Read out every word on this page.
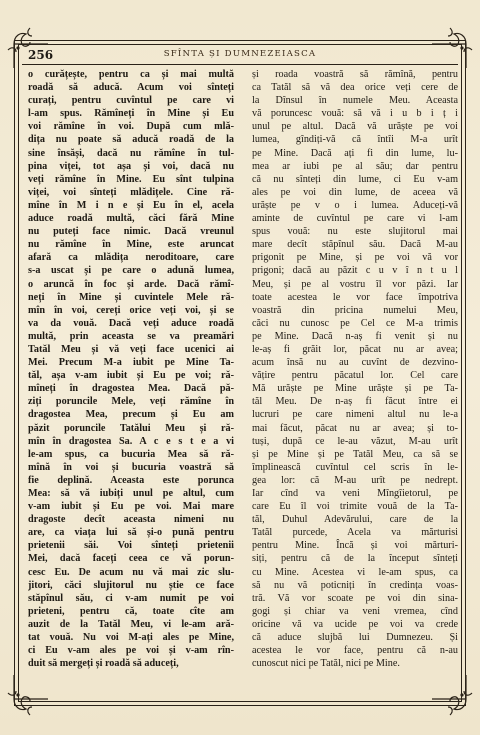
256	SFÎNTA ȘI DUMNEZEIASCA
o curățește, pentru ca și mai multă
roadă să aducă. Acum voi sînteți
curați, pentru cuvîntul pe care vi
l-am spus. Rămîneți în Mine și Eu
voi rămîne în voi. După cum mlă-
dița nu poate să aducă roadă de la
sine însăși, dacă nu rămîne în tul-
pina viței, tot așa și voi, dacă nu
veți rămîne în Mine. Eu sînt tulpina
viței, voi sînteți mlădițele. Cine ră-
mîne în M i n e și Eu în el, acela
aduce roadă multă, căci fără Mine
nu puteți face nimic. Dacă vreunul
nu rămîne în Mine, este aruncat
afară ca mlădița neroditoare, care
s-a uscat și pe care o adună lumea,
o aruncă în foc și arde. Dacă rămî-
neți în Mine și cuvintele Mele ră-
mîn în voi, cereți orice veți voi, și se
va da vouă. Dacă veți aduce roadă
multă, prin aceasta se va preamări
Tatăl Meu și vă veți face ucenici ai
Mei. Precum M-a iubit pe Mine Ta-
tăl, așa v-am iubit și Eu pe voi; ră-
mîneți în dragostea Mea. Dacă pă-
ziți poruncile Mele, veți rămîne în
dragostea Mea, precum și Eu am
păzit poruncile Tatălui Meu și ră-
mîn în dragostea Sa. A c e s t e a vi
le-am spus, ca bucuria Mea să ră-
mînă în voi și bucuria voastră să
fie deplină. Aceasta este porunca
Mea: să vă iubiți unul pe altul, cum
v-am iubit și Eu pe voi. Mai mare
dragoste decît aceasta nimeni nu
are, ca viața lui să și-o pună pentru
prietenii săi. Voi sînteți prietenii
Mei, dacă faceți ceea ce vă porun-
cesc Eu. De acum nu vă mai zic slu-
jitori, căci slujitorul nu știe ce face
stăpînul său, ci v-am numit pe voi
prieteni, pentru că, toate cîte am
auzit de la Tatăl Meu, vi le-am ară-
tat vouă. Nu voi M-ați ales pe Mine,
ci Eu v-am ales pe voi și v-am rîn-
duit să mergeți și roadă să aduceți,
și roada voastră să rămînă, pentru
ca Tatăl să vă dea orice veți cere de
la Dînsul în numele Meu. Aceasta
vă poruncesc vouă: să vă i u b i ț i
unul pe altul. Dacă vă urăște pe voi
lumea, gîndiți-vă că întîi M-a urît
pe Mine. Dacă ați fi din lume, lu-
mea ar iubi pe al său; dar pentru
că nu sînteți din lume, ci Eu v-am
ales pe voi din lume, de aceea vă
urăște pe v o i lumea. Aduceți-vă
aminte de cuvîntul pe care vi l-am
spus vouă: nu este slujitorul mai
mare decît stăpînul său. Dacă M-au
prigonit pe Mine, și pe voi vă vor
prigoni; dacă au păzit c u v î n t u l
Meu, și pe al vostru îl vor păzi. Iar
toate acestea le vor face împotriva
voastră din pricina numelui Meu,
căci nu cunosc pe Cel ce M-a trimis
pe Mine. Dacă n-aș fi venit și nu
le-aș fi grăit lor, păcat nu ar avea;
acum însă nu au cuvînt de dezvino-
vățire pentru păcatul lor. Cel care
Mă urăște pe Mine urăște și pe Ta-
tăl Meu. De n-aș fi făcut între ei
lucruri pe care nimeni altul nu le-a
mai făcut, păcat nu ar avea; și to-
tuși, după ce le-au văzut, M-au urît
și pe Mine și pe Tatăl Meu, ca să se
împlinească cuvîntul cel scris în le-
gea lor: că M-au urît pe nedrept.
Iar cînd va veni Mîngîietorul, pe
care Eu îl voi trimite vouă de la Ta-
tăl, Duhul Adevărului, care de la
Tatăl purcede, Acela va mărturisi
pentru Mine. Încă și voi mărturi-
siți, pentru că de la început sînteți
cu Mine. Acestea vi le-am spus, ca
să nu vă poticniți în credința voas-
tră. Vă vor scoate pe voi din sina-
gogi și chiar va veni vremea, cînd
oricine vă va ucide pe voi va crede
că aduce slujbă lui Dumnezeu. Și
acestea le vor face, pentru că n-au
cunoscut nici pe Tatăl, nici pe Mine.
